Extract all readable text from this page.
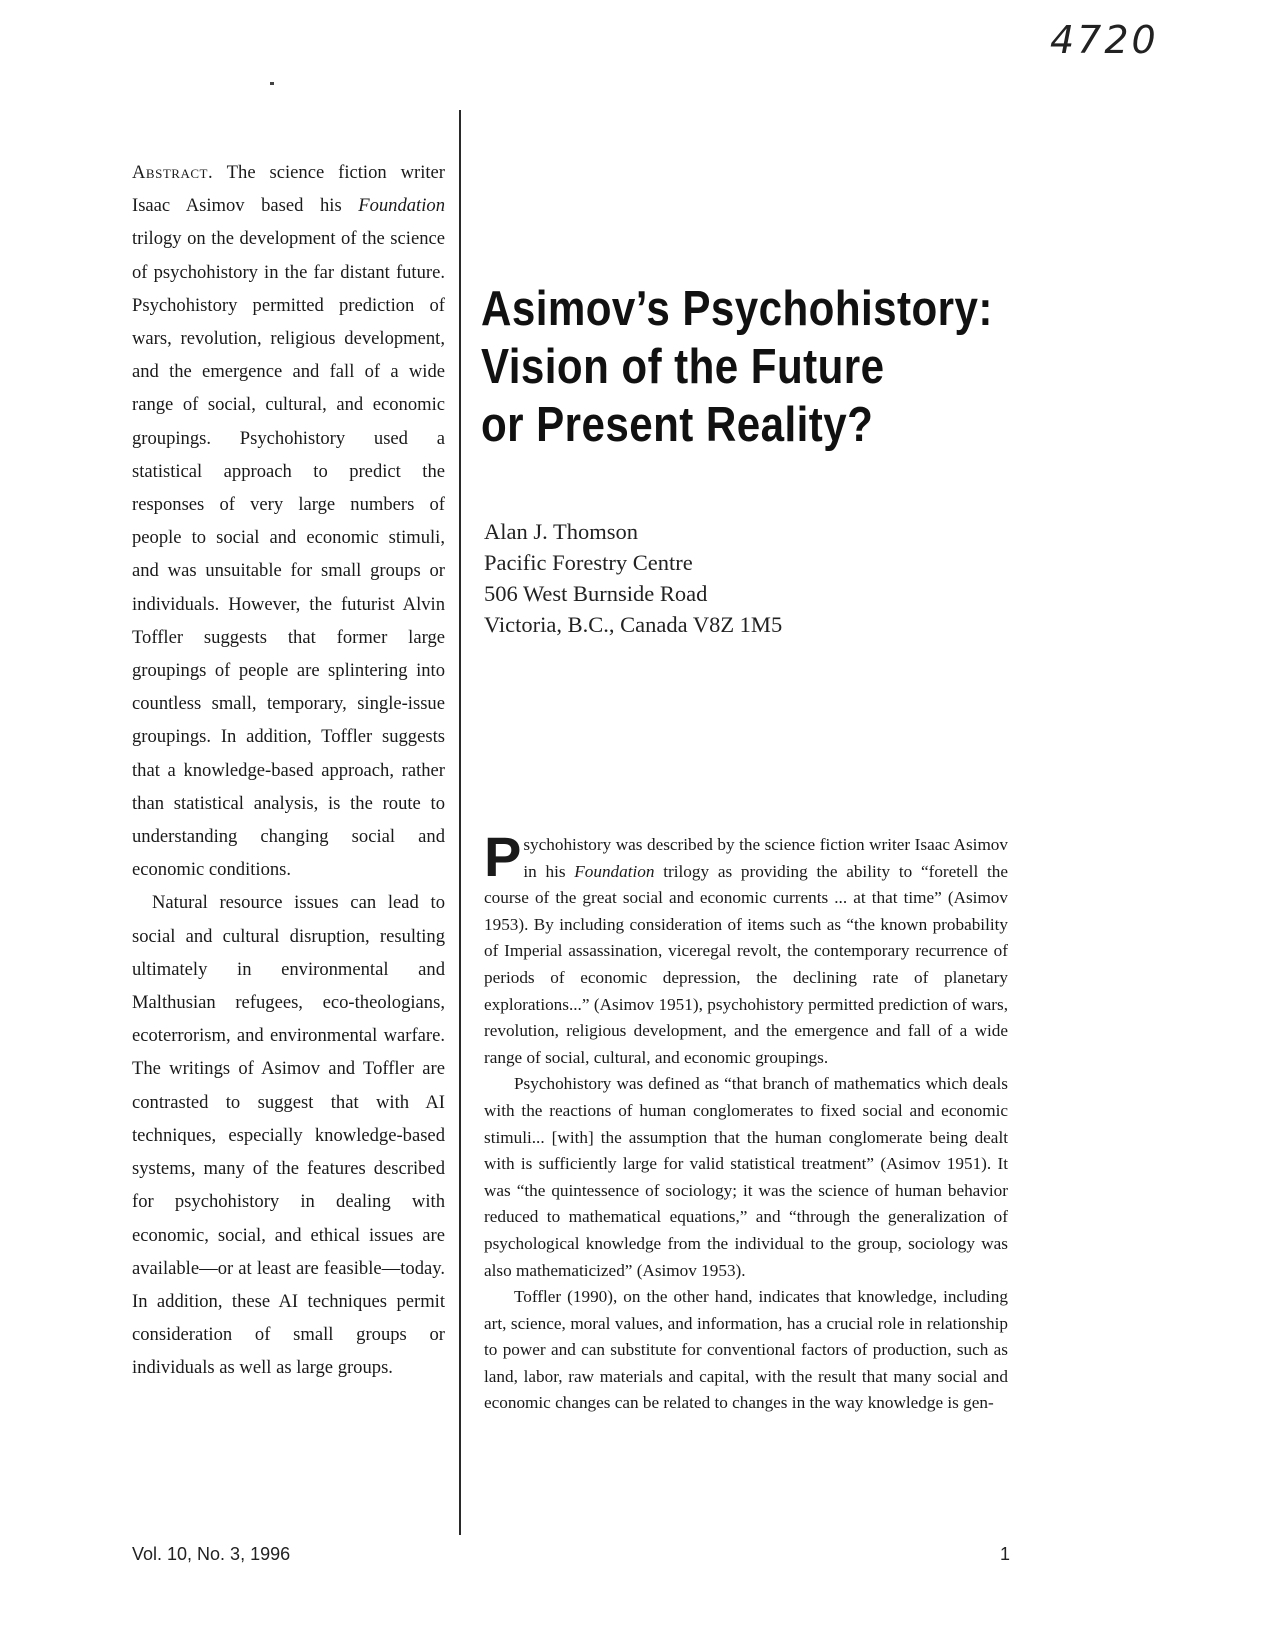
4720

Abstract. The science fiction writer Isaac Asimov based his Foundation trilogy on the development of the science of psychohistory in the far distant future. Psychohistory permitted prediction of wars, revolution, religious development, and the emergence and fall of a wide range of social, cultural, and economic groupings. Psychohistory used a statistical approach to predict the responses of very large numbers of people to social and economic stimuli, and was unsuitable for small groups or individuals. However, the futurist Alvin Toffler suggests that former large groupings of people are splintering into countless small, temporary, single-issue groupings. In addition, Toffler suggests that a knowledge-based approach, rather than statistical analysis, is the route to understanding changing social and economic conditions.

Natural resource issues can lead to social and cultural disruption, resulting ultimately in environmental and Malthusian refugees, eco-theologians, ecoterrorism, and environmental warfare. The writings of Asimov and Toffler are contrasted to suggest that with AI techniques, especially knowledge-based systems, many of the features described for psychohistory in dealing with economic, social, and ethical issues are available—or at least are feasible—today. In addition, these AI techniques permit consideration of small groups or individuals as well as large groups.

Asimov’s Psychohistory:
Vision of the Future
or Present Reality?
Alan J. Thomson
Pacific Forestry Centre
506 West Burnside Road
Victoria, B.C., Canada V8Z 1M5

Psychohistory was described by the science fiction writer Isaac Asimov in his Foundation trilogy as providing the ability to “foretell the course of the great social and economic currents ... at that time” (Asimov 1953). By including consideration of items such as “the known probability of Imperial assassination, viceregal revolt, the contemporary recurrence of periods of economic depression, the declining rate of planetary explorations...” (Asimov 1951), psychohistory permitted prediction of wars, revolution, religious development, and the emergence and fall of a wide range of social, cultural, and economic groupings.

Psychohistory was defined as “that branch of mathematics which deals with the reactions of human conglomerates to fixed social and economic stimuli... [with] the assumption that the human conglomerate being dealt with is sufficiently large for valid statistical treatment” (Asimov 1951). It was “the quintessence of sociology; it was the science of human behavior reduced to mathematical equations,” and “through the generalization of psychological knowledge from the individual to the group, sociology was also mathematicized” (Asimov 1953).

Toffler (1990), on the other hand, indicates that knowledge, including art, science, moral values, and information, has a crucial role in relationship to power and can substitute for conventional factors of production, such as land, labor, raw materials and capital, with the result that many social and economic changes can be related to changes in the way knowledge is gen-

Vol. 10, No. 3, 1996	1
